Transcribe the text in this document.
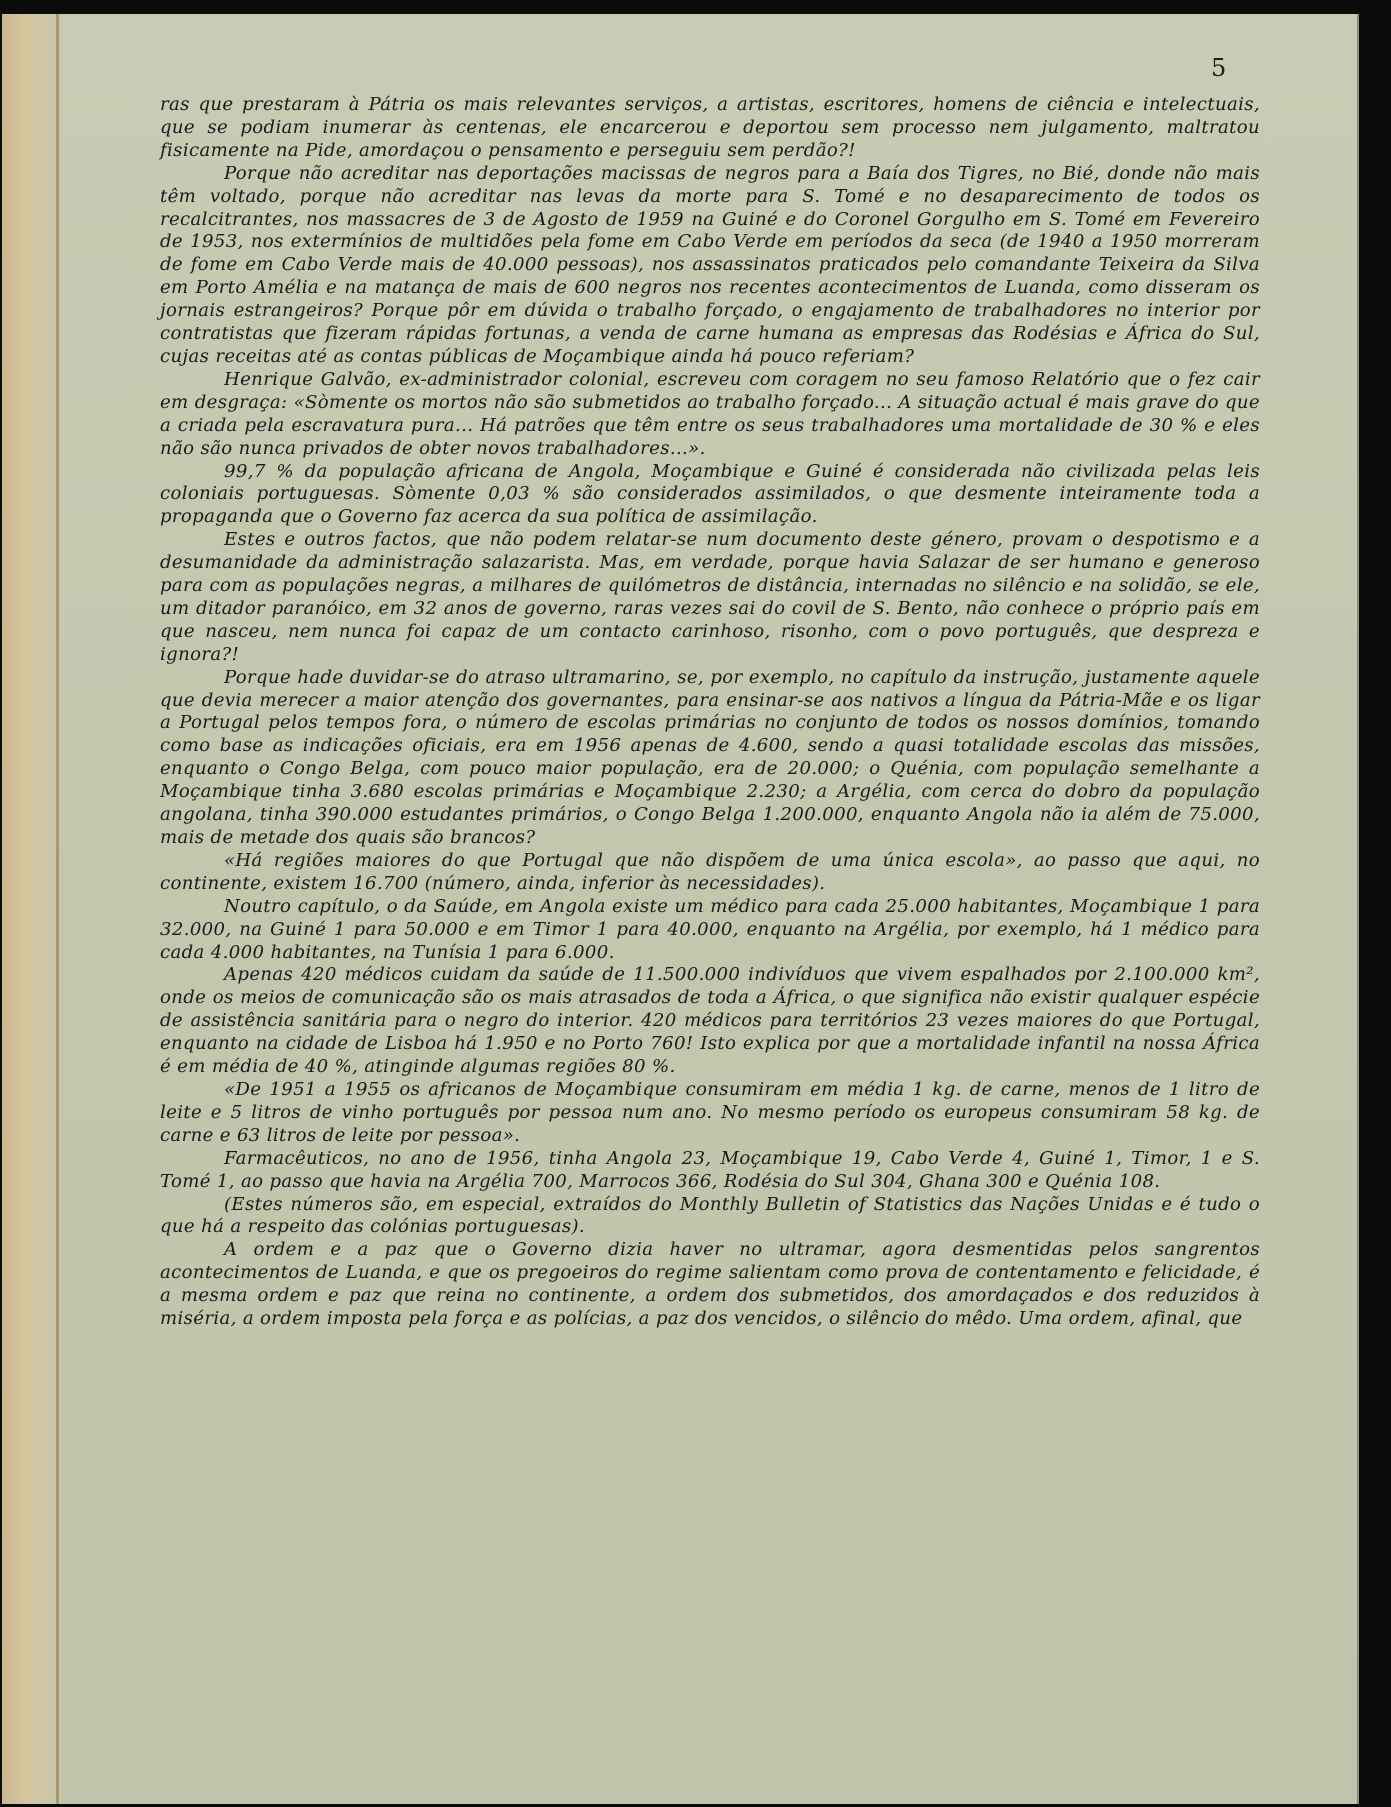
5

ras que prestaram à Pátria os mais relevantes serviços, a artistas, escritores, homens de ciência e intelectuais, que se podiam inumerar às centenas, ele encarcerou e deportou sem processo nem julgamento, maltratou fisicamente na Pide, amordaçou o pensamento e perseguiu sem perdão?!

Porque não acreditar nas deportações macissas de negros para a Baía dos Tigres, no Bié, donde não mais têm voltado, porque não acreditar nas levas da morte para S. Tomé e no desaparecimento de todos os recalcitrantes, nos massacres de 3 de Agosto de 1959 na Guiné e do Coronel Gorgulho em S. Tomé em Fevereiro de 1953, nos extermínios de multidões pela fome em Cabo Verde em períodos da seca (de 1940 a 1950 morreram de fome em Cabo Verde mais de 40.000 pessoas), nos assassinatos praticados pelo comandante Teixeira da Silva em Porto Amélia e na matança de mais de 600 negros nos recentes acontecimentos de Luanda, como disseram os jornais estrangeiros? Porque pôr em dúvida o trabalho forçado, o engajamento de trabalhadores no interior por contratistas que fizeram rápidas fortunas, a venda de carne humana as empresas das Rodésias e África do Sul, cujas receitas até as contas públicas de Moçambique ainda há pouco referiam?

Henrique Galvão, ex-administrador colonial, escreveu com coragem no seu famoso Relatório que o fez cair em desgraça: «Sòmente os mortos não são submetidos ao trabalho forçado... A situação actual é mais grave do que a criada pela escravatura pura... Há patrões que têm entre os seus trabalhadores uma mortalidade de 30 % e eles não são nunca privados de obter novos trabalhadores...».

99,7 % da população africana de Angola, Moçambique e Guiné é considerada não civilizada pelas leis coloniais portuguesas. Sòmente 0,03 % são considerados assimilados, o que desmente inteiramente toda a propaganda que o Governo faz acerca da sua política de assimilação.

Estes e outros factos, que não podem relatar-se num documento deste género, provam o despotismo e a desumanidade da administração salazarista. Mas, em verdade, porque havia Salazar de ser humano e generoso para com as populações negras, a milhares de quilómetros de distância, internadas no silêncio e na solidão, se ele, um ditador paranóico, em 32 anos de governo, raras vezes sai do covil de S. Bento, não conhece o próprio país em que nasceu, nem nunca foi capaz de um contacto carinhoso, risonho, com o povo português, que despreza e ignora?!

Porque hade duvidar-se do atraso ultramarino, se, por exemplo, no capítulo da instrução, justamente aquele que devia merecer a maior atenção dos governantes, para ensinar-se aos nativos a língua da Pátria-Mãe e os ligar a Portugal pelos tempos fora, o número de escolas primárias no conjunto de todos os nossos domínios, tomando como base as indicações oficiais, era em 1956 apenas de 4.600, sendo a quasi totalidade escolas das missões, enquanto o Congo Belga, com pouco maior população, era de 20.000; o Quénia, com população semelhante a Moçambique tinha 3.680 escolas primárias e Moçambique 2.230; a Argélia, com cerca do dobro da população angolana, tinha 390.000 estudantes primários, o Congo Belga 1.200.000, enquanto Angola não ia além de 75.000, mais de metade dos quais são brancos?

«Há regiões maiores do que Portugal que não dispõem de uma única escola», ao passo que aqui, no continente, existem 16.700 (número, ainda, inferior às necessidades).

Noutro capítulo, o da Saúde, em Angola existe um médico para cada 25.000 habitantes, Moçambique 1 para 32.000, na Guiné 1 para 50.000 e em Timor 1 para 40.000, enquanto na Argélia, por exemplo, há 1 médico para cada 4.000 habitantes, na Tunísia 1 para 6.000.

Apenas 420 médicos cuidam da saúde de 11.500.000 indivíduos que vivem espalhados por 2.100.000 km², onde os meios de comunicação são os mais atrasados de toda a África, o que significa não existir qualquer espécie de assistência sanitária para o negro do interior. 420 médicos para territórios 23 vezes maiores do que Portugal, enquanto na cidade de Lisboa há 1.950 e no Porto 760! Isto explica por que a mortalidade infantil na nossa África é em média de 40 %, atinginde algumas regiões 80 %.

«De 1951 a 1955 os africanos de Moçambique consumiram em média 1 kg. de carne, menos de 1 litro de leite e 5 litros de vinho português por pessoa num ano. No mesmo período os europeus consumiram 58 kg. de carne e 63 litros de leite por pessoa».

Farmacêuticos, no ano de 1956, tinha Angola 23, Moçambique 19, Cabo Verde 4, Guiné 1, Timor, 1 e S. Tomé 1, ao passo que havia na Argélia 700, Marrocos 366, Rodésia do Sul 304, Ghana 300 e Quénia 108.

(Estes números são, em especial, extraídos do Monthly Bulletin of Statistics das Nações Unidas e é tudo o que há a respeito das colónias portuguesas).

A ordem e a paz que o Governo dizia haver no ultramar, agora desmentidas pelos sangrentos acontecimentos de Luanda, e que os pregoeiros do regime salientam como prova de contentamento e felicidade, é a mesma ordem e paz que reina no continente, a ordem dos submetidos, dos amordaçados e dos reduzidos à miséria, a ordem imposta pela força e as polícias, a paz dos vencidos, o silêncio do mêdo. Uma ordem, afinal, que
